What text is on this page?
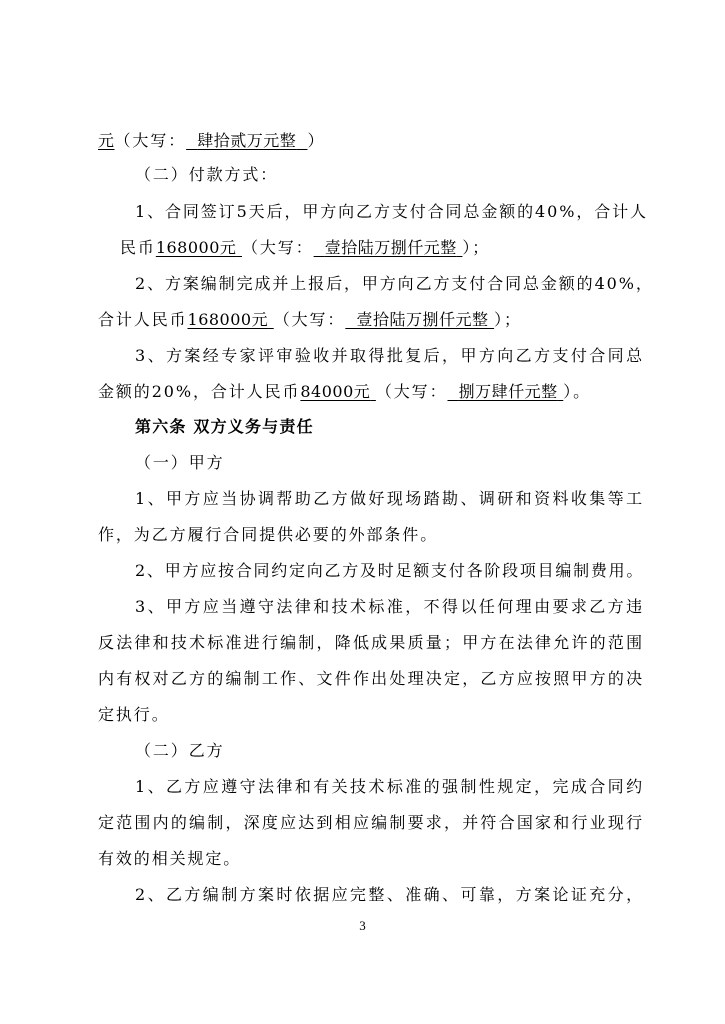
元（大写： 肆拾贰万元整 ）
（二）付款方式：
1、合同签订5天后，甲方向乙方支付合同总金额的40%，合计人
民币168000元 （大写： 壹拾陆万捌仟元整 ）；
2、方案编制完成并上报后，甲方向乙方支付合同总金额的40%，
合计人民币168000元 （大写： 壹拾陆万捌仟元整 ）；
3、方案经专家评审验收并取得批复后，甲方向乙方支付合同总
金额的20%，合计人民币84000元 （大写： 捌万肆仟元整 ）。
第六条 双方义务与责任
（一）甲方
1、甲方应当协调帮助乙方做好现场踏勘、调研和资料收集等工
作，为乙方履行合同提供必要的外部条件。
2、甲方应按合同约定向乙方及时足额支付各阶段项目编制费用。
3、甲方应当遵守法律和技术标准，不得以任何理由要求乙方违
反法律和技术标准进行编制，降低成果质量；甲方在法律允许的范围
内有权对乙方的编制工作、文件作出处理决定，乙方应按照甲方的决
定执行。
（二）乙方
1、乙方应遵守法律和有关技术标准的强制性规定，完成合同约
定范围内的编制，深度应达到相应编制要求，并符合国家和行业现行
有效的相关规定。
2、乙方编制方案时依据应完整、准确、可靠，方案论证充分，
3
